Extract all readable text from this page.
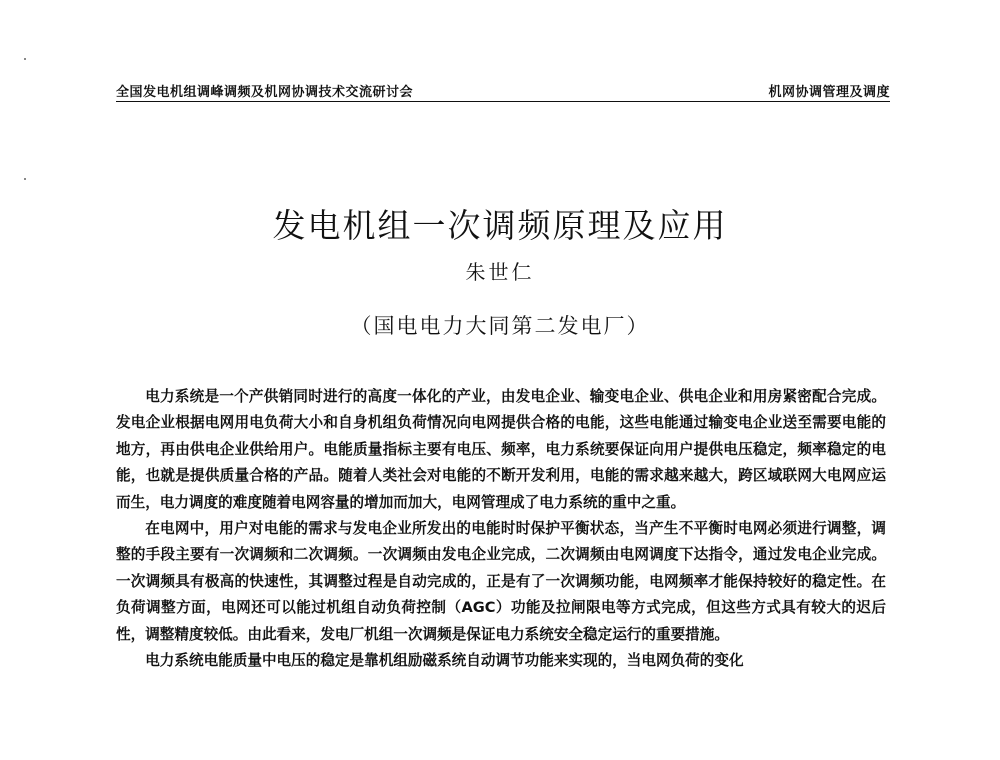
全国发电机组调峰调频及机网协调技术交流研讨会	机网协调管理及调度
发电机组一次调频原理及应用
朱世仁
（国电电力大同第二发电厂）

电力系统是一个产供销同时进行的高度一体化的产业，由发电企业、输变电企业、供电企业和用房紧密配合完成。发电企业根据电网用电负荷大小和自身机组负荷情况向电网提供合格的电能，这些电能通过输变电企业送至需要电能的地方，再由供电企业供给用户。电能质量指标主要有电压、频率，电力系统要保证向用户提供电压稳定，频率稳定的电能，也就是提供质量合格的产品。随着人类社会对电能的不断开发利用，电能的需求越来越大，跨区域联网大电网应运而生，电力调度的难度随着电网容量的增加而加大，电网管理成了电力系统的重中之重。

在电网中，用户对电能的需求与发电企业所发出的电能时时保护平衡状态，当产生不平衡时电网必须进行调整，调整的手段主要有一次调频和二次调频。一次调频由发电企业完成，二次调频由电网调度下达指令，通过发电企业完成。一次调频具有极高的快速性，其调整过程是自动完成的，正是有了一次调频功能，电网频率才能保持较好的稳定性。在负荷调整方面，电网还可以能过机组自动负荷控制（AGC）功能及拉闸限电等方式完成，但这些方式具有较大的迟后性，调整精度较低。由此看来，发电厂机组一次调频是保证电力系统安全稳定运行的重要措施。

电力系统电能质量中电压的稳定是靠机组励磁系统自动调节功能来实现的，当电网负荷的变化
